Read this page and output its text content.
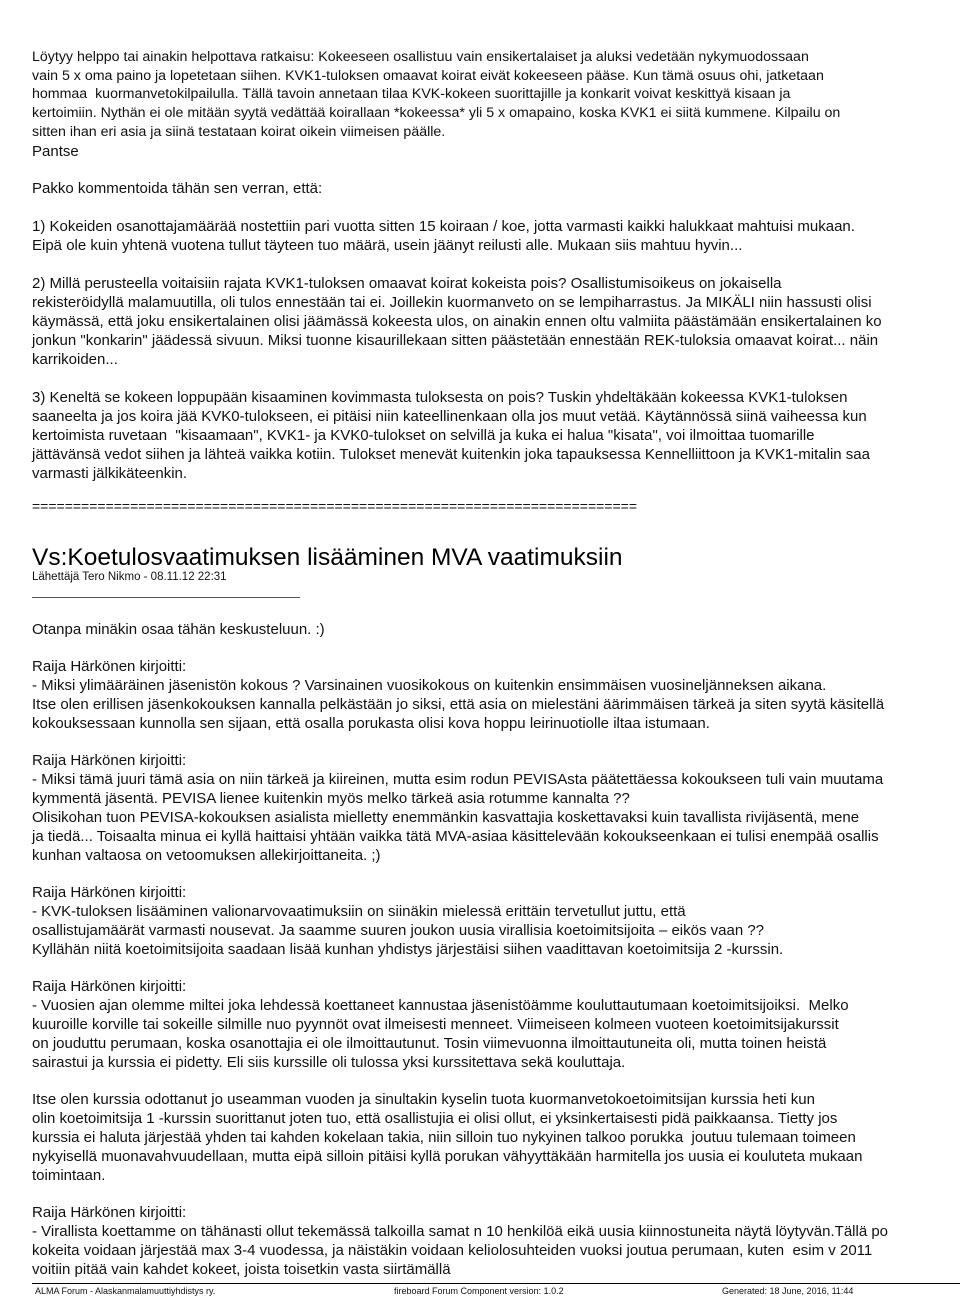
Löytyy helppo tai ainakin helpottava ratkaisu: Kokeeseen osallistuu vain ensikertalaiset ja aluksi vedetään nykymuodossaan
vain 5 x oma paino ja lopetetaan siihen. KVK1-tuloksen omaavat koirat eivät kokeeseen pääse. Kun tämä osuus ohi, jatketaan
hommaa  kuormanvetokilpailulla. Tällä tavoin annetaan tilaa KVK-kokeen suorittajille ja konkarit voivat keskittyä kisaan ja
kertoimiin. Nythän ei ole mitään syytä vedättää koirallaan *kokeessa* yli 5 x omapaino, koska KVK1 ei siitä kummene. Kilpailu on
sitten ihan eri asia ja siinä testataan koirat oikein viimeisen päälle.
Pantse
Pakko kommentoida tähän sen verran, että:
1) Kokeiden osanottajamäärää nostettiin pari vuotta sitten 15 koiraan / koe, jotta varmasti kaikki halukkaat mahtuisi mukaan.
Eipä ole kuin yhtenä vuotena tullut täyteen tuo määrä, usein jäänyt reilusti alle. Mukaan siis mahtuu hyvin...
2) Millä perusteella voitaisiin rajata KVK1-tuloksen omaavat koirat kokeista pois? Osallistumisoikeus on jokaisella
rekisteröidyllä malamuutilla, oli tulos ennestään tai ei. Joillekin kuormanveto on se lempiharrastus. Ja MIKÄLI niin hassusti olisi
käymässä, että joku ensikertalainen olisi jäämässä kokeesta ulos, on ainakin ennen oltu valmiita päästämään ensikertalainen ko
jonkun "konkarin" jäädessä sivuun. Miksi tuonne kisaurillekaan sitten päästetään ennestään REK-tuloksia omaavat koirat... näin
karrikoiden...
3) Keneltä se kokeen loppupään kisaaminen kovimmasta tuloksesta on pois? Tuskin yhdeltäkään kokeessa KVK1-tuloksen
saaneelta ja jos koira jää KVK0-tulokseen, ei pitäisi niin kateellinenkaan olla jos muut vetää. Käytännössä siinä vaiheessa kun
kertoimista ruvetaan  "kisaamaan", KVK1- ja KVK0-tulokset on selvillä ja kuka ei halua "kisata", voi ilmoittaa tuomarille
jättävänsä vedot siihen ja lähteä vaikka kotiin. Tulokset menevät kuitenkin joka tapauksessa Kennelliittoon ja KVK1-mitalin saa
varmasti jälkikäteenkin.
==========================================================================
Vs:Koetulosvaatimuksen lisääminen MVA vaatimuksiin
Lähettäjä Tero Nikmo - 08.11.12 22:31
Otanpa minäkin osaa tähän keskusteluun. :)
Raija Härkönen kirjoitti:
- Miksi ylimääräinen jäsenistön kokous ? Varsinainen vuosikokous on kuitenkin ensimmäisen vuosineljänneksen aikana.
Itse olen erillisen jäsenkokouksen kannalla pelkästään jo siksi, että asia on mielestäni äärimmäisen tärkeä ja siten syytä käsitellä
kokouksessaan kunnolla sen sijaan, että osalla porukasta olisi kova hoppu leirinuotiolle iltaa istumaan.
Raija Härkönen kirjoitti:
- Miksi tämä juuri tämä asia on niin tärkeä ja kiireinen, mutta esim rodun PEVISAsta päätettäessa kokoukseen tuli vain muutama
kymmentä jäsentä. PEVISA lienee kuitenkin myös melko tärkeä asia rotumme kannalta ??
Olisikohan tuon PEVISA-kokouksen asialista mielletty enemmänkin kasvattajia koskettavaksi kuin tavallista rivijäsentä, mene
ja tiedä... Toisaalta minua ei kyllä haittaisi yhtään vaikka tätä MVA-asiaa käsittelevään kokoukseenkaan ei tulisi enempää osallis
kunhan valtaosa on vetoomuksen allekirjoittaneita. ;)
Raija Härkönen kirjoitti:
- KVK-tuloksen lisääminen valionarvovaatimuksiin on siinäkin mielessä erittäin tervetullut juttu, että
osallistujamäärät varmasti nousevat. Ja saamme suuren joukon uusia virallisia koetoimitsijoita – eikös vaan ??
Kyllähän niitä koetoimitsijoita saadaan lisää kunhan yhdistys järjestäisi siihen vaadittavan koetoimitsija 2 -kurssin.
Raija Härkönen kirjoitti:
- Vuosien ajan olemme miltei joka lehdessä koettaneet kannustaa jäsenistöämme kouluttautumaan koetoimitsijoiksi.  Melko
kuuroille korville tai sokeille silmille nuo pyynnöt ovat ilmeisesti menneet. Viimeiseen kolmeen vuoteen koetoimitsijakurssit
on jouduttu perumaan, koska osanottajia ei ole ilmoittautunut. Tosin viimevuonna ilmoittautuneita oli, mutta toinen heistä
sairastui ja kurssia ei pidetty. Eli siis kurssille oli tulossa yksi kurssitettava sekä kouluttaja.
Itse olen kurssia odottanut jo useamman vuoden ja sinultakin kyselin tuota kuormanvetokoetoimitsijan kurssia heti kun
olin koetoimitsija 1 -kurssin suorittanut joten tuo, että osallistujia ei olisi ollut, ei yksinkertaisesti pidä paikkaansa. Tietty jos
kurssia ei haluta järjestää yhden tai kahden kokelaan takia, niin silloin tuo nykyinen talkoo porukka  joutuu tulemaan toimeen
nykyisellä muonavahvuudellaan, mutta eipä silloin pitäisi kyllä porukan vähyyttäkään harmitella jos uusia ei kouluteta mukaan
toimintaan.
Raija Härkönen kirjoitti:
- Virallista koettamme on tähänasti ollut tekemässä talkoilla samat n 10 henkilöä eikä uusia kiinnostuneita näytä löytyvän.Tällä po
kokeita voidaan järjestää max 3-4 vuodessa, ja näistäkin voidaan keliolosuhteiden vuoksi joutua perumaan, kuten  esim v 2011
voitiin pitää vain kahdet kokeet, joista toisetkin vasta siirtämällä
ALMA Forum - Alaskanmalamuuttiyhdistys ry.	fireboard Forum Component version: 1.0.2	Generated: 18 June, 2016, 11:44
